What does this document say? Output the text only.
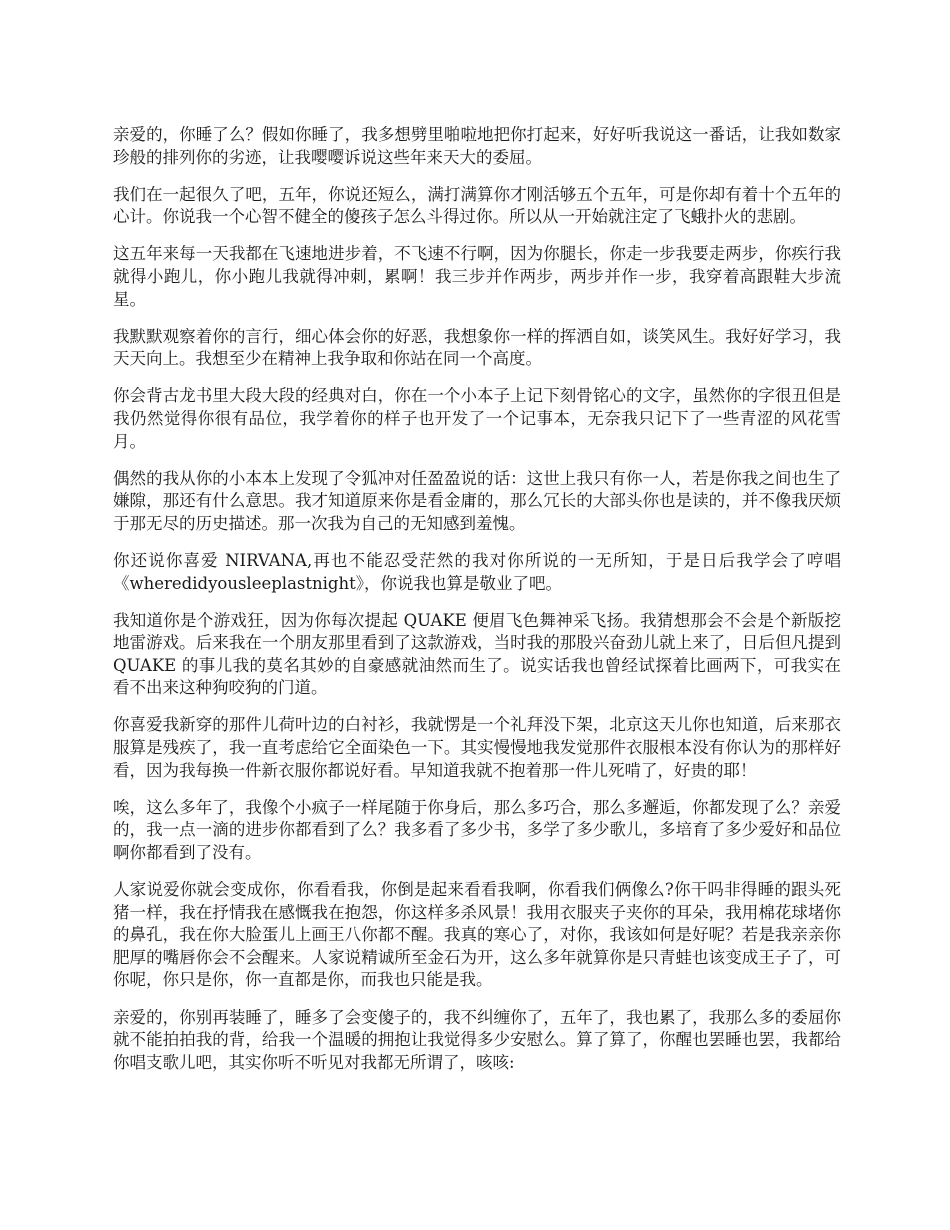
亲爱的，你睡了么？假如你睡了，我多想劈里啪啦地把你打起来，好好听我说这一番话，让我如数家珍般的排列你的劣迹，让我嘤嘤诉说这些年来天大的委屈。

我们在一起很久了吧，五年，你说还短么，满打满算你才刚活够五个五年，可是你却有着十个五年的心计。你说我一个心智不健全的傻孩子怎么斗得过你。所以从一开始就注定了飞蛾扑火的悲剧。

这五年来每一天我都在飞速地进步着，不飞速不行啊，因为你腿长，你走一步我要走两步，你疾行我就得小跑儿，你小跑儿我就得冲刺，累啊！我三步并作两步，两步并作一步，我穿着高跟鞋大步流星。

我默默观察着你的言行，细心体会你的好恶，我想象你一样的挥洒自如，谈笑风生。我好好学习，我天天向上。我想至少在精神上我争取和你站在同一个高度。

你会背古龙书里大段大段的经典对白，你在一个小本子上记下刻骨铭心的文字，虽然你的字很丑但是我仍然觉得你很有品位，我学着你的样子也开发了一个记事本，无奈我只记下了一些青涩的风花雪月。

偶然的我从你的小本本上发现了令狐冲对任盈盈说的话：这世上我只有你一人，若是你我之间也生了嫌隙，那还有什么意思。我才知道原来你是看金庸的，那么冗长的大部头你也是读的，并不像我厌烦于那无尽的历史描述。那一次我为自己的无知感到羞愧。

你还说你喜爱 NIRVANA,再也不能忍受茫然的我对你所说的一无所知，于是日后我学会了哼唱《wheredidyousleeplastnight》，你说我也算是敬业了吧。

我知道你是个游戏狂，因为你每次提起 QUAKE 便眉飞色舞神采飞扬。我猜想那会不会是个新版挖地雷游戏。后来我在一个朋友那里看到了这款游戏，当时我的那股兴奋劲儿就上来了，日后但凡提到 QUAKE 的事儿我的莫名其妙的自豪感就油然而生了。说实话我也曾经试探着比画两下，可我实在看不出来这种狗咬狗的门道。

你喜爱我新穿的那件儿荷叶边的白衬衫，我就愣是一个礼拜没下架，北京这天儿你也知道，后来那衣服算是残疾了，我一直考虑给它全面染色一下。其实慢慢地我发觉那件衣服根本没有你认为的那样好看，因为我每换一件新衣服你都说好看。早知道我就不抱着那一件儿死啃了，好贵的耶！

唉，这么多年了，我像个小疯子一样尾随于你身后，那么多巧合，那么多邂逅，你都发现了么？亲爱的，我一点一滴的进步你都看到了么？我多看了多少书，多学了多少歌儿，多培育了多少爱好和品位啊你都看到了没有。

人家说爱你就会变成你，你看看我，你倒是起来看看我啊，你看我们俩像么?你干吗非得睡的跟头死猪一样，我在抒情我在感慨我在抱怨，你这样多杀风景！我用衣服夹子夹你的耳朵，我用棉花球堵你的鼻孔，我在你大脸蛋儿上画王八你都不醒。我真的寒心了，对你，我该如何是好呢？若是我亲亲你肥厚的嘴唇你会不会醒来。人家说精诚所至金石为开，这么多年就算你是只青蛙也该变成王子了，可你呢，你只是你，你一直都是你，而我也只能是我。

亲爱的，你别再装睡了，睡多了会变傻子的，我不纠缠你了，五年了，我也累了，我那么多的委屈你就不能拍拍我的背，给我一个温暖的拥抱让我觉得多少安慰么。算了算了，你醒也罢睡也罢，我都给你唱支歌儿吧，其实你听不听见对我都无所谓了，咳咳:
